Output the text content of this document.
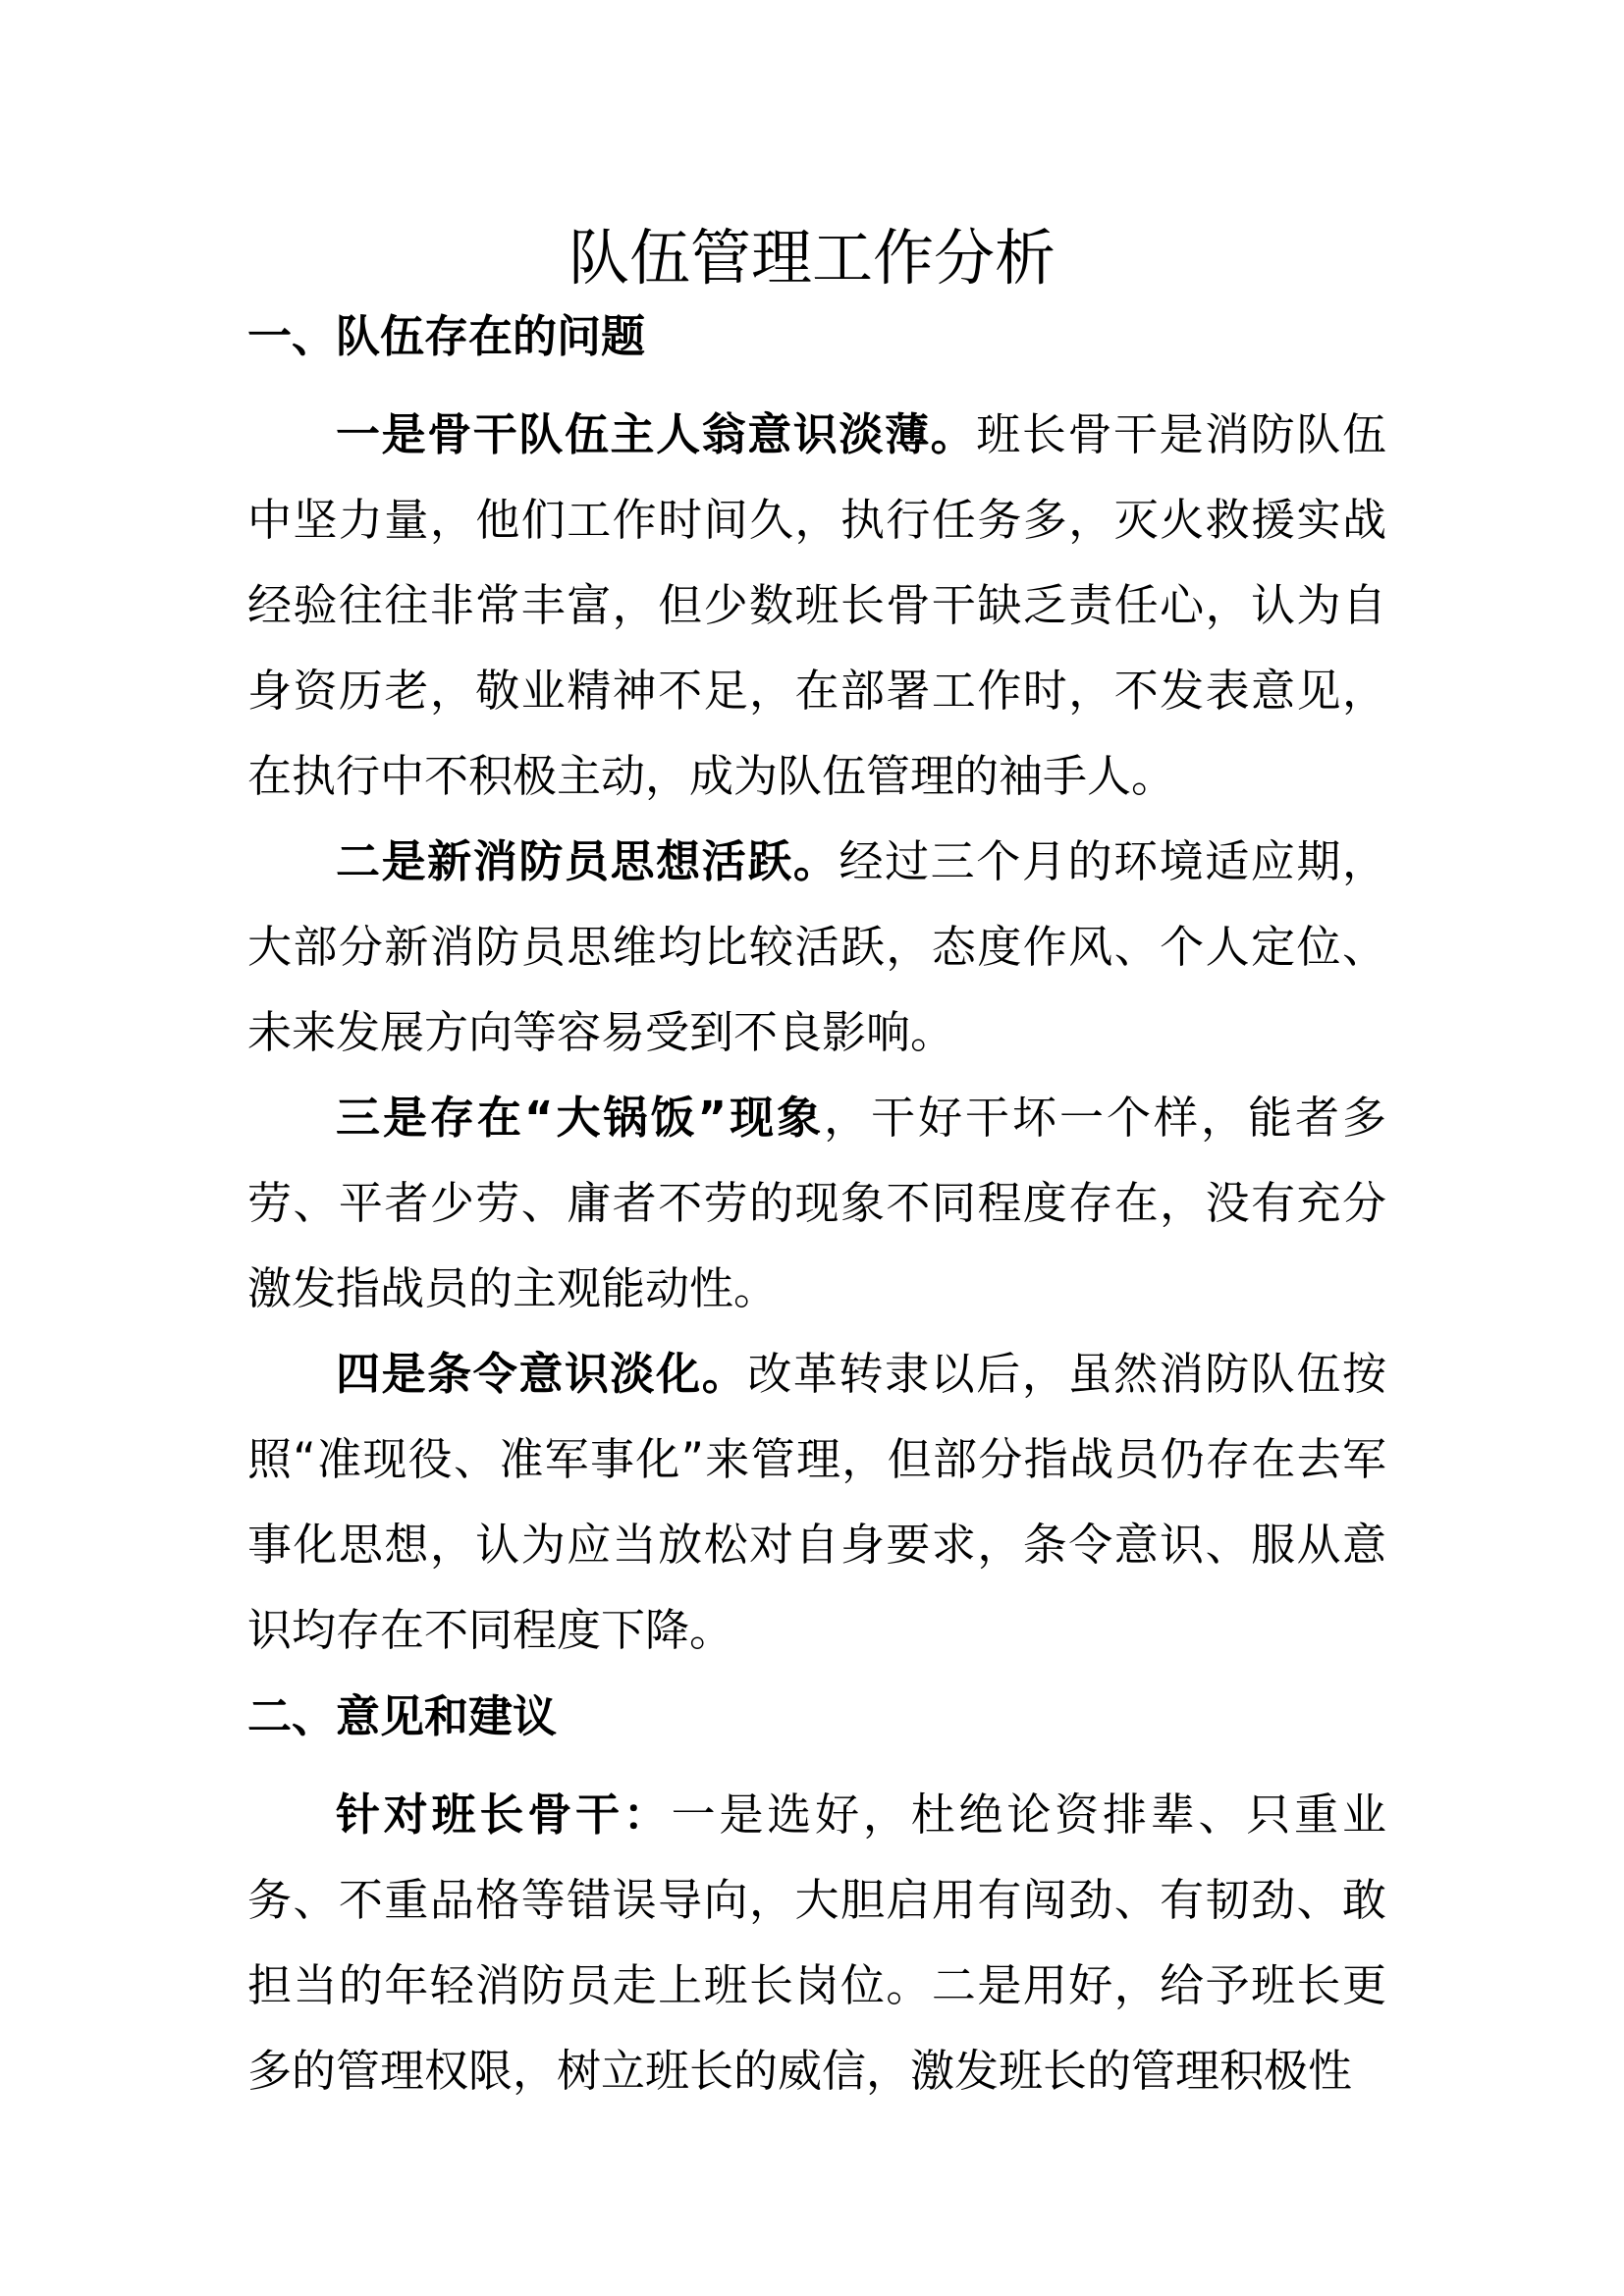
队伍管理工作分析
一、队伍存在的问题

一是骨干队伍主人翁意识淡薄。班长骨干是消防队伍中坚力量，他们工作时间久，执行任务多，灭火救援实战经验往往非常丰富，但少数班长骨干缺乏责任心，认为自身资历老，敬业精神不足，在部署工作时，不发表意见，在执行中不积极主动，成为队伍管理的袖手人。

二是新消防员思想活跃。经过三个月的环境适应期，大部分新消防员思维均比较活跃，态度作风、个人定位、未来发展方向等容易受到不良影响。

三是存在“大锅饭”现象，干好干坏一个样，能者多劳、平者少劳、庸者不劳的现象不同程度存在，没有充分激发指战员的主观能动性。

四是条令意识淡化。改革转隶以后，虽然消防队伍按照“准现役、准军事化”来管理，但部分指战员仍存在去军事化思想，认为应当放松对自身要求，条令意识、服从意识均存在不同程度下降。

二、意见和建议

针对班长骨干：一是选好，杜绝论资排辈、只重业务、不重品格等错误导向，大胆启用有闯劲、有韧劲、敢担当的年轻消防员走上班长岗位。二是用好，给予班长更多的管理权限，树立班长的威信，激发班长的管理积极性
